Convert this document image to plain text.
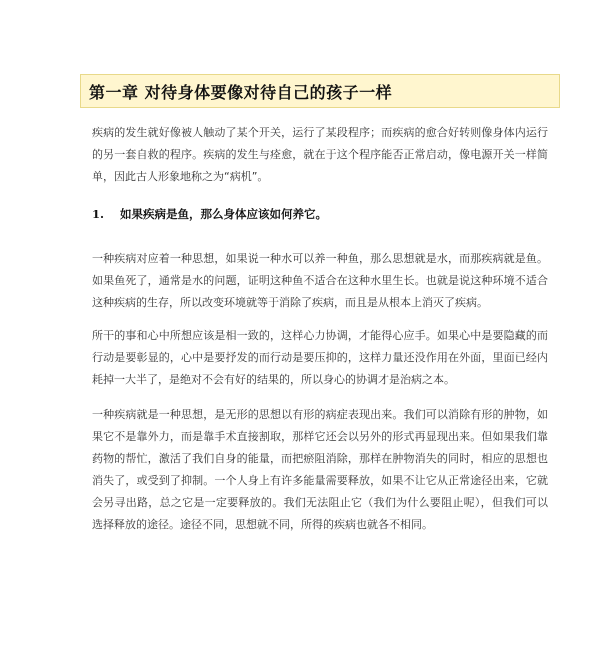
第一章 对待身体要像对待自己的孩子一样

疾病的发生就好像被人触动了某个开关，运行了某段程序；而疾病的愈合好转则像身体内运行的另一套自救的程序。疾病的发生与痊愈，就在于这个程序能否正常启动，像电源开关一样简单，因此古人形象地称之为“病机”。

1. 如果疾病是鱼，那么身体应该如何养它。

一种疾病对应着一种思想，如果说一种水可以养一种鱼，那么思想就是水，而那疾病就是鱼。如果鱼死了，通常是水的问题，证明这种鱼不适合在这种水里生长。也就是说这种环境不适合这种疾病的生存，所以改变环境就等于消除了疾病，而且是从根本上消灭了疾病。

所干的事和心中所想应该是相一致的，这样心力协调，才能得心应手。如果心中是要隐藏的而行动是要彰显的，心中是要抒发的而行动是要压抑的，这样力量还没作用在外面，里面已经内耗掉一大半了，是绝对不会有好的结果的，所以身心的协调才是治病之本。

一种疾病就是一种思想，是无形的思想以有形的病症表现出来。我们可以消除有形的肿物，如果它不是靠外力，而是靠手术直接割取，那样它还会以另外的形式再显现出来。但如果我们靠药物的帮忙，激活了我们自身的能量，而把瘀阻消除，那样在肿物消失的同时，相应的思想也消失了，或受到了抑制。一个人身上有许多能量需要释放，如果不让它从正常途径出来，它就会另寻出路，总之它是一定要释放的。我们无法阻止它（我们为什么要阻止呢），但我们可以选择释放的途径。途径不同，思想就不同，所得的疾病也就各不相同。
